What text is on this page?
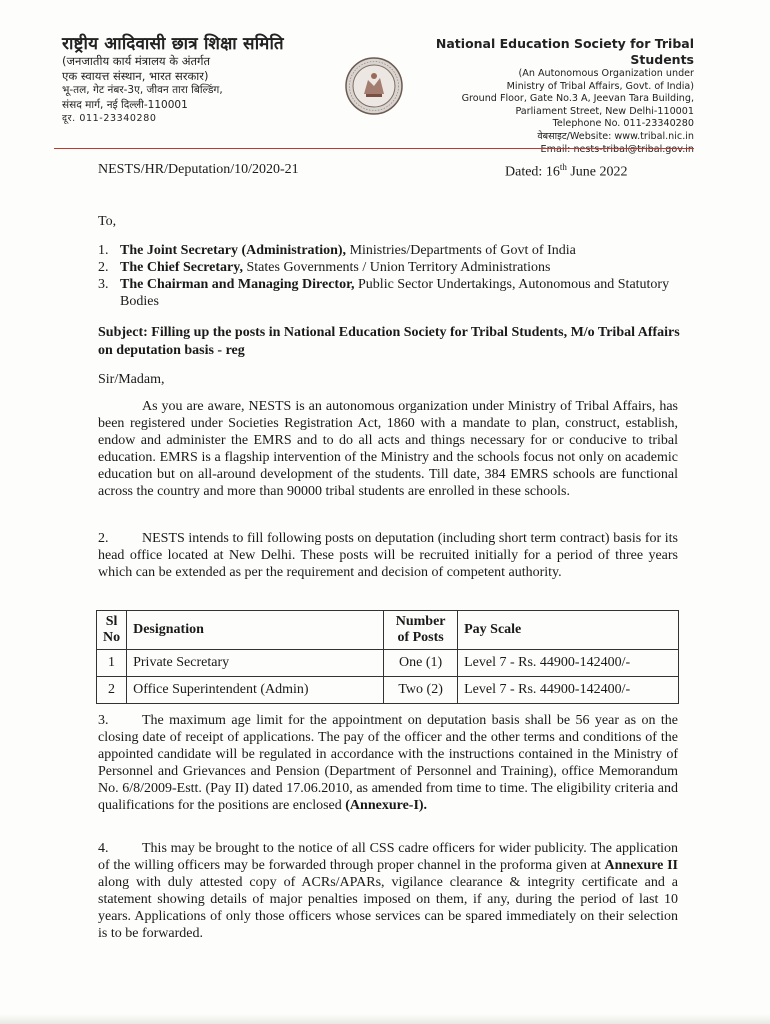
राष्ट्रीय आदिवासी छात्र शिक्षा समिति
(जनजातीय कार्य मंत्रालय के अंतर्गत
एक स्वायत्त संस्थान, भारत सरकार)
भू-तल, गेट नंबर-3ए, जीवन तारा बिल्डिंग,
संसद मार्ग, नई दिल्ली-110001
दूर. 011-23340280
National Education Society for Tribal Students
(An Autonomous Organization under
Ministry of Tribal Affairs, Govt. of India)
Ground Floor, Gate No.3 A, Jeevan Tara Building,
Parliament Street, New Delhi-110001
Telephone No. 011-23340280
वेबसाइट/Website: www.tribal.nic.in
Email: nests-tribal@tribal.gov.in
NESTS/HR/Deputation/10/2020-21	Dated: 16th June 2022
To,
1. The Joint Secretary (Administration), Ministries/Departments of Govt of India
2. The Chief Secretary, States Governments / Union Territory Administrations
3. The Chairman and Managing Director, Public Sector Undertakings, Autonomous and Statutory Bodies
Subject: Filling up the posts in National Education Society for Tribal Students, M/o Tribal Affairs on deputation basis - reg
Sir/Madam,
As you are aware, NESTS is an autonomous organization under Ministry of Tribal Affairs, has been registered under Societies Registration Act, 1860 with a mandate to plan, construct, establish, endow and administer the EMRS and to do all acts and things necessary for or conducive to tribal education. EMRS is a flagship intervention of the Ministry and the schools focus not only on academic education but on all-around development of the students. Till date, 384 EMRS schools are functional across the country and more than 90000 tribal students are enrolled in these schools.
2. NESTS intends to fill following posts on deputation (including short term contract) basis for its head office located at New Delhi. These posts will be recruited initially for a period of three years which can be extended as per the requirement and decision of competent authority.
Sl No	Designation	Number of Posts	Pay Scale
1	Private Secretary	One (1)	Level 7 - Rs. 44900-142400/-
2	Office Superintendent (Admin)	Two (2)	Level 7 - Rs. 44900-142400/-
3. The maximum age limit for the appointment on deputation basis shall be 56 year as on the closing date of receipt of applications. The pay of the officer and the other terms and conditions of the appointed candidate will be regulated in accordance with the instructions contained in the Ministry of Personnel and Grievances and Pension (Department of Personnel and Training), office Memorandum No. 6/8/2009-Estt. (Pay II) dated 17.06.2010, as amended from time to time. The eligibility criteria and qualifications for the positions are enclosed (Annexure-I).
4. This may be brought to the notice of all CSS cadre officers for wider publicity. The application of the willing officers may be forwarded through proper channel in the proforma given at Annexure II along with duly attested copy of ACRs/APARs, vigilance clearance & integrity certificate and a statement showing details of major penalties imposed on them, if any, during the period of last 10 years. Applications of only those officers whose services can be spared immediately on their selection is to be forwarded.
